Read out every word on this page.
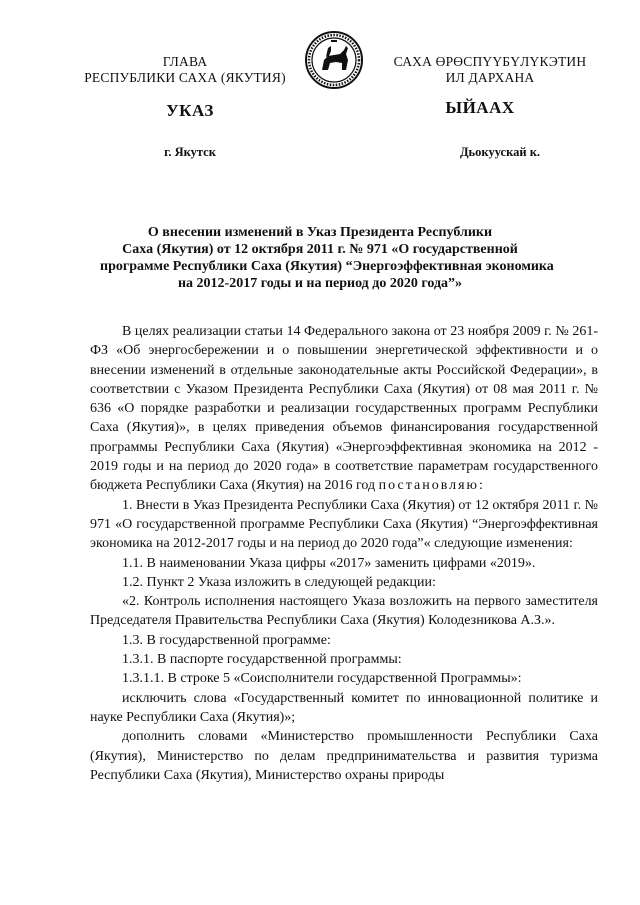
ГЛАВА
РЕСПУБЛИКИ САХА (ЯКУТИЯ)
САХА ӨРӨСПҮҮБҮЛҮКЭТИН
ИЛ ДАРХАНА
УКАЗ	ЫЙААХ
г. Якутск	Дьокуускай к.
О внесении изменений в Указ Президента Республики
Саха (Якутия) от 12 октября 2011 г. № 971 «О государственной
программе Республики Саха (Якутия) “Энергоэффективная экономика
на 2012-2017 годы и на период до 2020 года”»

В целях реализации статьи 14 Федерального закона от 23 ноября 2009 г. № 261-ФЗ «Об энергосбережении и о повышении энергетической эффективности и о внесении изменений в отдельные законодательные акты Российской Федерации», в соответствии с Указом Президента Республики Саха (Якутия) от 08 мая 2011 г. № 636 «О порядке разработки и реализации государственных программ Республики Саха (Якутия)», в целях приведения объемов финансирования государственной программы Республики Саха (Якутия) «Энергоэффективная экономика на 2012 - 2019 годы и на период до 2020 года» в соответствие параметрам государственного бюджета Республики Саха (Якутия) на 2016 год постановляю:

1. Внести в Указ Президента Республики Саха (Якутия) от 12 октября 2011 г. № 971 «О государственной программе Республики Саха (Якутия) “Энергоэффективная экономика на 2012-2017 годы и на период до 2020 года”« следующие изменения:

1.1. В наименовании Указа цифры «2017» заменить цифрами «2019».

1.2. Пункт 2 Указа изложить в следующей редакции:

«2. Контроль исполнения настоящего Указа возложить на первого заместителя Председателя Правительства Республики Саха (Якутия) Колодезникова А.З.».

1.3. В государственной программе:

1.3.1. В паспорте государственной программы:

1.3.1.1. В строке 5 «Соисполнители государственной Программы»:

исключить слова «Государственный комитет по инновационной политике и науке Республики Саха (Якутия)»;

дополнить словами «Министерство промышленности Республики Саха (Якутия), Министерство по делам предпринимательства и развития туризма Республики Саха (Якутия), Министерство охраны природы
